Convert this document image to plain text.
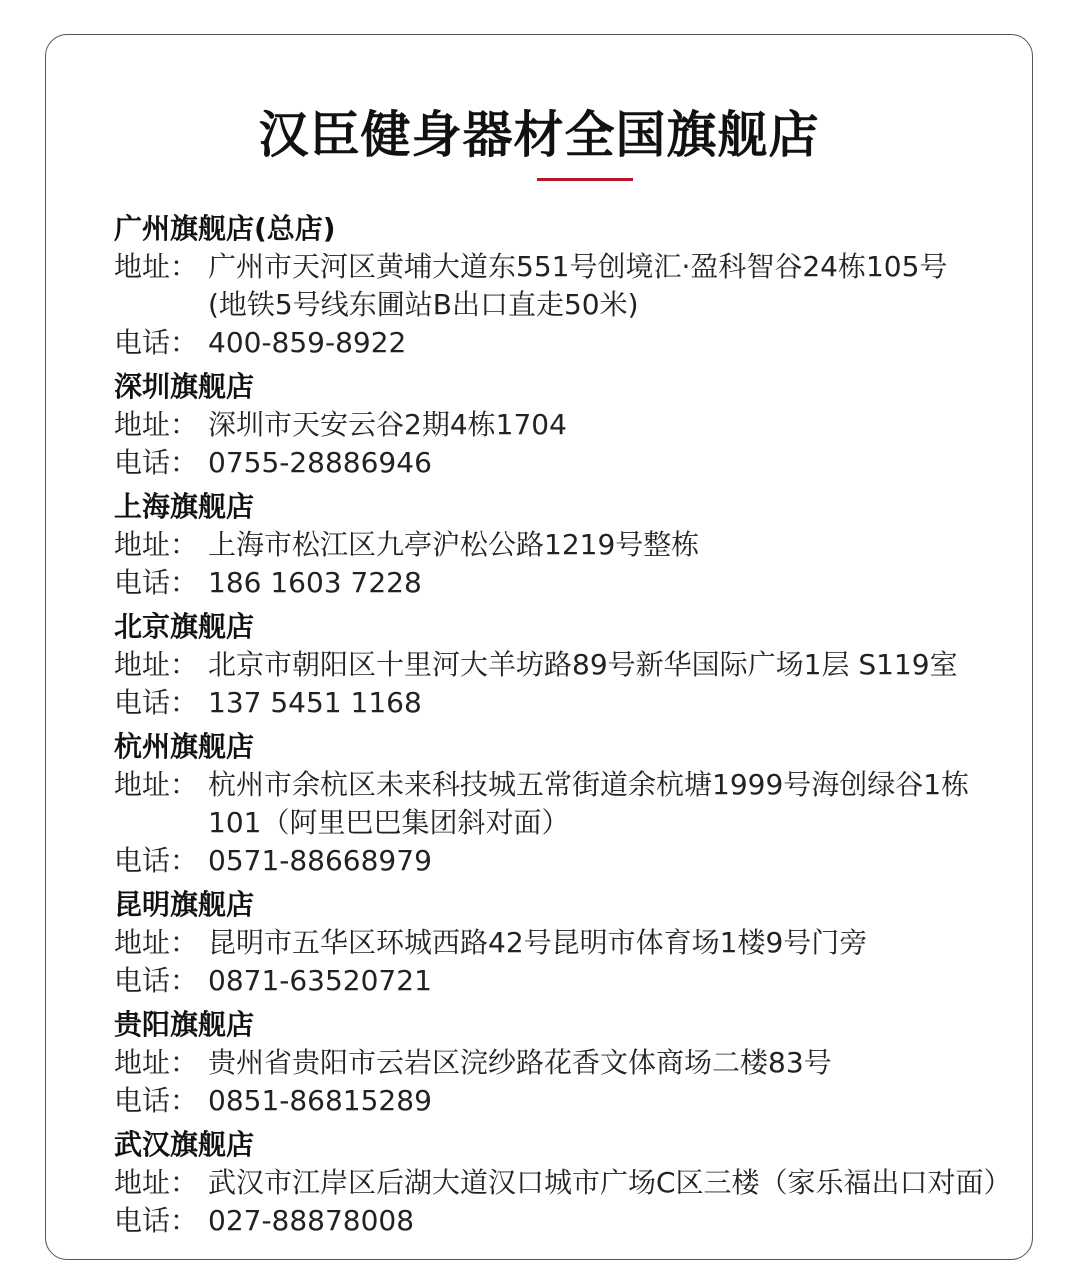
汉臣健身器材全国旗舰店
广州旗舰店(总店)
地址： 广州市天河区黄埔大道东551号创境汇·盈科智谷24栋105号
(地铁5号线东圃站B出口直走50米)
电话： 400-859-8922
深圳旗舰店
地址： 深圳市天安云谷2期4栋1704
电话： 0755-28886946
上海旗舰店
地址： 上海市松江区九亭沪松公路1219号整栋
电话： 186 1603 7228
北京旗舰店
地址： 北京市朝阳区十里河大羊坊路89号新华国际广场1层 S119室
电话： 137 5451 1168
杭州旗舰店
地址： 杭州市余杭区未来科技城五常街道余杭塘1999号海创绿谷1栋
101（阿里巴巴集团斜对面）
电话： 0571-88668979
昆明旗舰店
地址： 昆明市五华区环城西路42号昆明市体育场1楼9号门旁
电话： 0871-63520721
贵阳旗舰店
地址： 贵州省贵阳市云岩区浣纱路花香文体商场二楼83号
电话： 0851-86815289
武汉旗舰店
地址： 武汉市江岸区后湖大道汉口城市广场C区三楼（家乐福出口对面）
电话： 027-88878008
